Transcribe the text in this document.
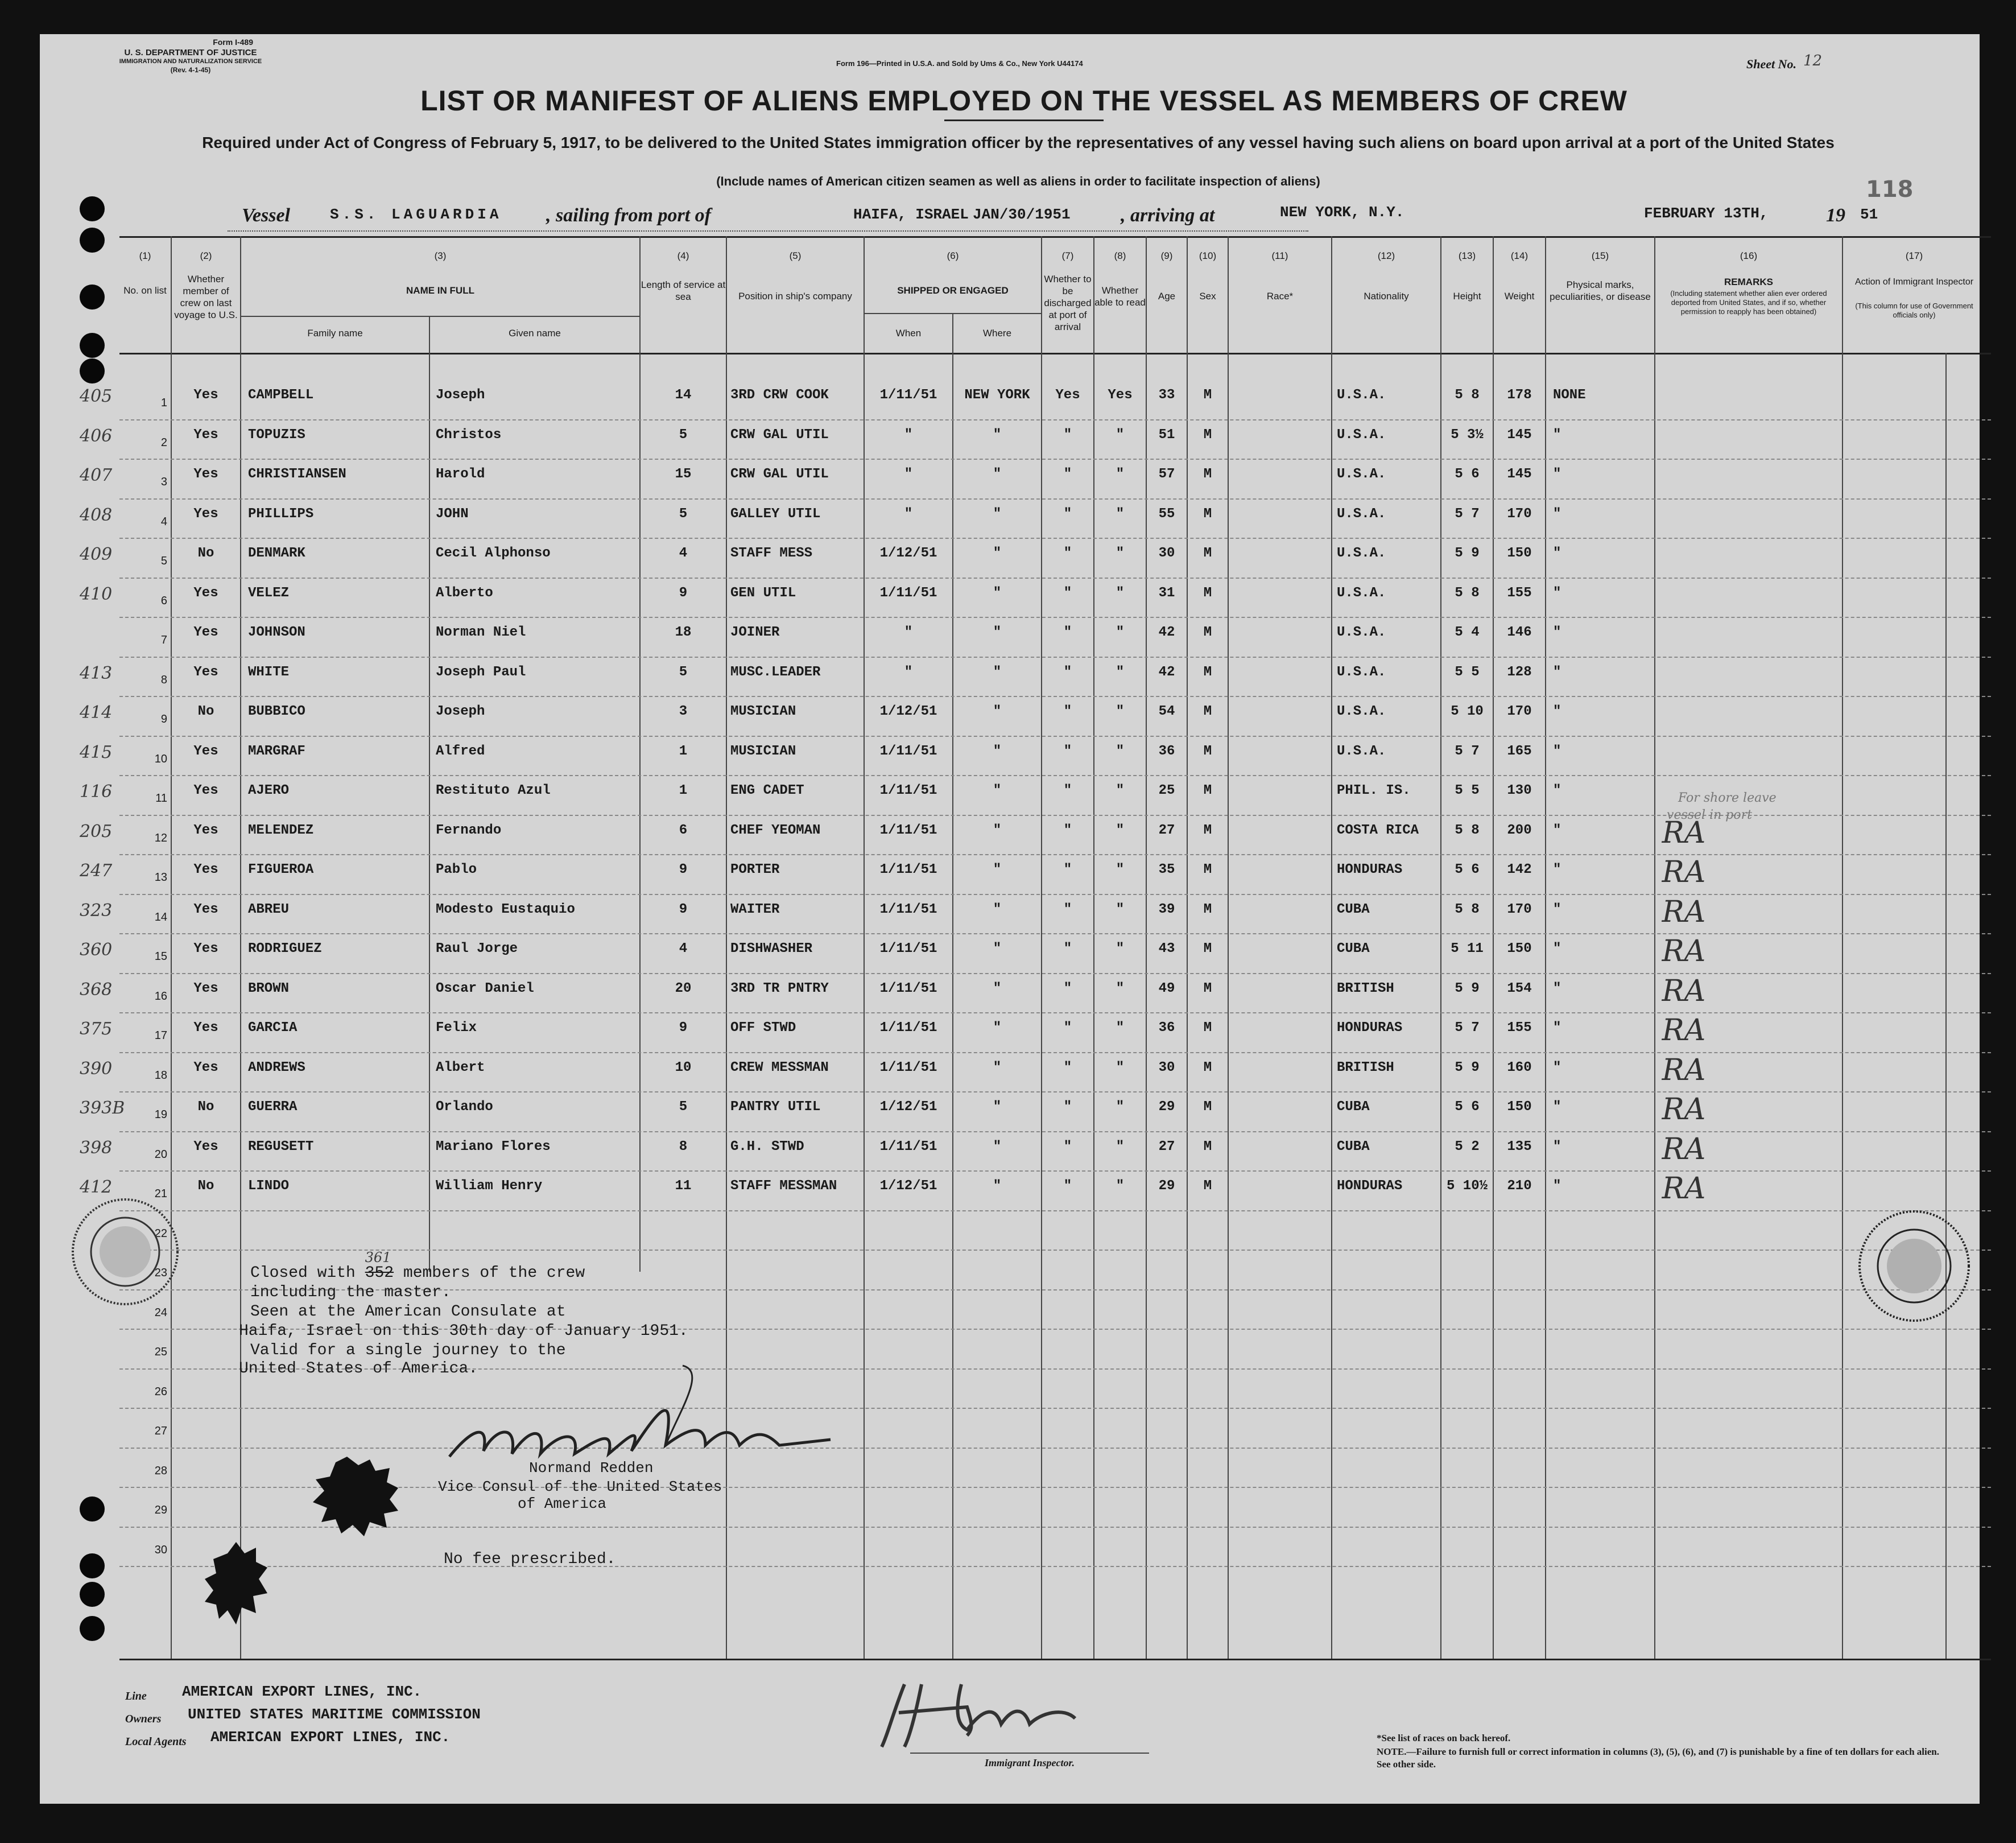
Form I-489
U. S. DEPARTMENT OF JUSTICE
IMMIGRATION AND NATURALIZATION SERVICE
(Rev. 4-1-45)
Form 196—Printed in U.S.A. and Sold by Ums & Co., New York U44174	Sheet No. 12
LIST OR MANIFEST OF ALIENS EMPLOYED ON THE VESSEL AS MEMBERS OF CREW
Required under Act of Congress of February 5, 1917, to be delivered to the United States immigration officer by the representatives of any vessel having such aliens on board upon arrival at a port of the United States
(Include names of American citizen seamen as well as aliens in order to facilitate inspection of aliens)	118
Vessel	S.S. LAGUARDIA , sailing from port of	HAIFA, ISRAEL JAN/30/1951	, arriving at	NEW YORK, N.Y.	FEBRUARY 13TH,	19 51
(1)
No. on list
(2)
Whether member of crew on last voyage to U.S.
(3)
NAME IN FULL
Family name	Given name
(4)
Length of service at sea
(5)
Position in ship's company
(6)
SHIPPED OR ENGAGED
When	Where
(7)
Whether to be discharged at port of arrival
(8)
Whether able to read
(9)
Age
(10)
Sex
(11)
Race*
(12)
Nationality
(13)
Height
(14)
Weight
(15)
Physical marks, peculiarities, or disease
(16)
REMARKS
(Including statement whether alien ever ordered deported from United States, and if so, whether permission to reapply has been obtained)
(17)
Action of Immigrant Inspector
(This column for use of Government officials only)
405	1	Yes	CAMPBELL	Joseph	14	3RD CRW COOK	1/11/51	NEW YORK	Yes	Yes	33	M	U.S.A.	5 8	178	NONE
406	2	Yes	TOPUZIS	Christos	5	CRW GAL UTIL	"	"	"	"	51	M	U.S.A.	5 3½	145	"
407	3	Yes	CHRISTIANSEN	Harold	15	CRW GAL UTIL	"	"	"	"	57	M	U.S.A.	5 6	145	"
408	4	Yes	PHILLIPS	JOHN	5	GALLEY UTIL	"	"	"	"	55	M	U.S.A.	5 7	170	"
409	5	No	DENMARK	Cecil Alphonso	4	STAFF MESS	1/12/51	"	"	"	30	M	U.S.A.	5 9	150	"
410	6	Yes	VELEZ	Alberto	9	GEN UTIL	1/11/51	"	"	"	31	M	U.S.A.	5 8	155	"
7	Yes	JOHNSON	Norman Niel	18	JOINER	"	"	"	"	42	M	U.S.A.	5 4	146	"
413	8	Yes	WHITE	Joseph Paul	5	MUSC.LEADER	"	"	"	"	42	M	U.S.A.	5 5	128	"
414	9	No	BUBBICO	Joseph	3	MUSICIAN	1/12/51	"	"	"	54	M	U.S.A.	5 10	170	"
415	10	Yes	MARGRAF	Alfred	1	MUSICIAN	1/11/51	"	"	"	36	M	U.S.A.	5 7	165	"
116	11	Yes	AJERO	Restituto Azul	1	ENG CADET	1/11/51	"	"	"	25	M	PHIL. IS.	5 5	130	"
205	12	Yes	MELENDEZ	Fernando	6	CHEF YEOMAN	1/11/51	"	"	"	27	M	COSTA RICA	5 8	200	"	RA
247	13	Yes	FIGUEROA	Pablo	9	PORTER	1/11/51	"	"	"	35	M	HONDURAS	5 6	142	"	RA
323	14	Yes	ABREU	Modesto Eustaquio	9	WAITER	1/11/51	"	"	"	39	M	CUBA	5 8	170	"	RA
360	15	Yes	RODRIGUEZ	Raul Jorge	4	DISHWASHER	1/11/51	"	"	"	43	M	CUBA	5 11	150	"	RA
368	16	Yes	BROWN	Oscar Daniel	20	3RD TR PNTRY	1/11/51	"	"	"	49	M	BRITISH	5 9	154	"	RA
375	17	Yes	GARCIA	Felix	9	OFF STWD	1/11/51	"	"	"	36	M	HONDURAS	5 7	155	"	RA
390	18	Yes	ANDREWS	Albert	10	CREW MESSMAN	1/11/51	"	"	"	30	M	BRITISH	5 9	160	"	RA
393B	19	No	GUERRA	Orlando	5	PANTRY UTIL	1/12/51	"	"	"	29	M	CUBA	5 6	150	"	RA
398	20	Yes	REGUSETT	Mariano Flores	8	G.H. STWD	1/11/51	"	"	"	27	M	CUBA	5 2	135	"	RA
412	21	No	LINDO	William Henry	11	STAFF MESSMAN	1/12/51	"	"	"	29	M	HONDURAS	5 10½	210	"	RA
22
23
24
25
26
27
28
29
30
For shore leave
vessel in port
Closed with 352
361
members of the crew
including the master.
Seen at the American Consulate at
Haifa, Israel on this 30th day of January 1951.
Valid for a single journey to the
United States of America.
Normand Redden
Vice Consul of the United States
of America
No fee prescribed.
Line AMERICAN EXPORT LINES, INC.
Owners UNITED STATES MARITIME COMMISSION
Local Agents AMERICAN EXPORT LINES, INC.
Immigrant Inspector.
*See list of races on back hereof.
NOTE.—Failure to furnish full or correct information in columns (3), (5), (6), and (7) is punishable by a fine of ten dollars for each alien. See other side.
